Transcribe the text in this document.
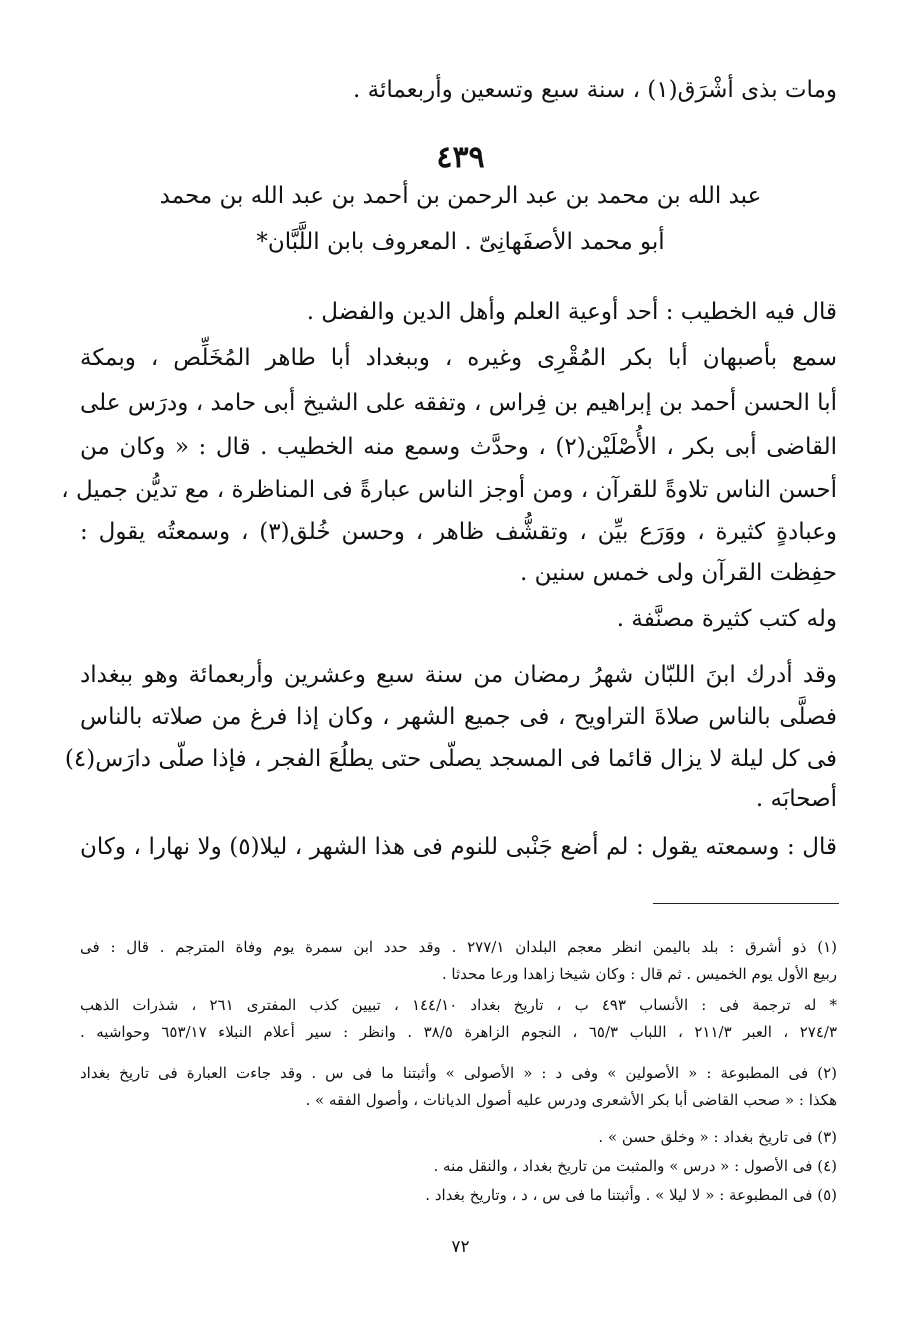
ومات بذى أشْرَق(١) ، سنة سبع وتسعين وأربعمائة .
٤٣٩
عبد الله بن محمد بن عبد الرحمن بن أحمد بن عبد الله بن محمد
أبو محمد الأصفَهانِىّ . المعروف بابن اللَّبَّان*
قال فيه الخطيب : أحد أوعية العلم وأهل الدين والفضل .
سمع بأصبهان أبا بكر المُقْرِى وغيره ، وببغداد أبا طاهر المُخَلِّص ، وبمكة
أبا الحسن أحمد بن إبراهيم بن فِراس ، وتفقه على الشيخ أبى حامد ، ودرَس على
القاضى أبى بكر ، الأُصْلَيْن(٢) ، وحدَّث وسمع منه الخطيب . قال : « وكان من
أحسن الناس تلاوةً للقرآن ، ومن أوجز الناس عبارةً فى المناظرة ، مع تديُّن جميل ،
وعبادةٍ كثيرة ، ووَرَع بيِّن ، وتقشُّف ظاهر ، وحسن خُلق(٣) ، وسمعتُه يقول :
حفِظت القرآن ولى خمس سنين .
وله كتب كثيرة مصنَّفة .
وقد أدرك ابنَ اللبّان شهرُ رمضان من سنة سبع وعشرين وأربعمائة وهو ببغداد
فصلَّى بالناس صلاةَ التراويح ، فى جميع الشهر ، وكان إذا فرغ من صلاته بالناس
فى كل ليلة لا يزال قائما فى المسجد يصلّى حتى يطلُعَ الفجر ، فإذا صلّى دارَس(٤)
أصحابَه .
قال : وسمعته يقول : لم أضع جَنْبى للنوم فى هذا الشهر ، ليلا(٥) ولا نهارا ، وكان
(١) ذو أشرق : بلد باليمن انظر معجم البلدان ٢٧٧/١ . وقد حدد ابن سمرة يوم وفاة المترجم . قال : فى
ربيع الأول يوم الخميس . ثم قال : وكان شيخا زاهدا ورعا محدثا .
* له ترجمة فى : الأنساب ٤٩٣ ب ، تاريخ بغداد ١٤٤/١٠ ، تبيين كذب المفترى ٢٦١ ، شذرات الذهب
٢٧٤/٣ ، العبر ٢١١/٣ ، اللباب ٦٥/٣ ، النجوم الزاهرة ٣٨/٥ . وانظر : سير أعلام النبلاء ٦٥٣/١٧ وحواشيه .
(٢) فى المطبوعة : « الأصولين » وفى د : « الأصولى » وأثبتنا ما فى س . وقد جاءت العبارة فى تاريخ بغداد
هكذا : « صحب القاضى أبا بكر الأشعرى ودرس عليه أصول الديانات ، وأصول الفقه » .
(٣) فى تاريخ بغداد : « وخلق حسن » .
(٤) فى الأصول : « درس » والمثبت من تاريخ بغداد ، والنقل منه .
(٥) فى المطبوعة : « لا ليلا » . وأثبتنا ما فى س ، د ، وتاريخ بغداد .
٧٢
